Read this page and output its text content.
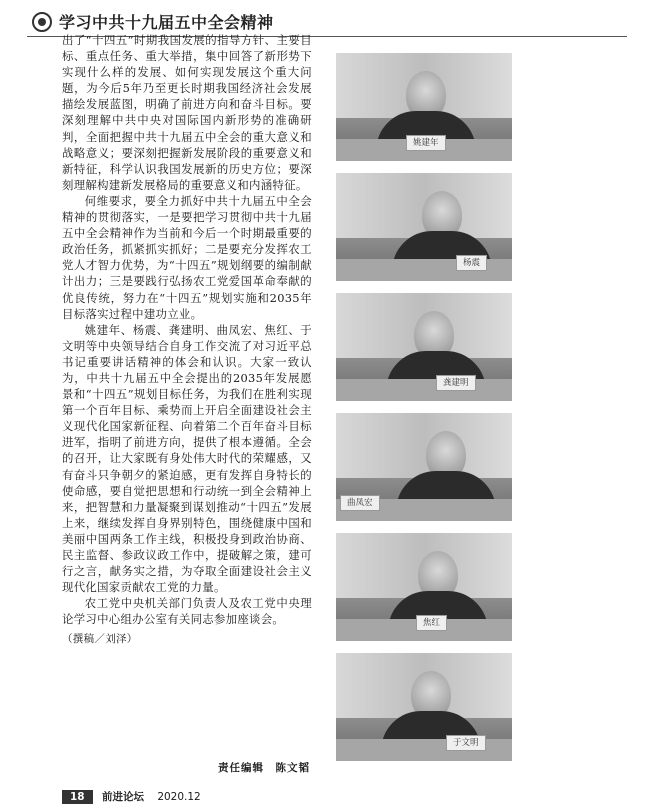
学习中共十九届五中全会精神

出了“十四五”时期我国发展的指导方针、主要目标、重点任务、重大举措，集中回答了新形势下实现什么样的发展、如何实现发展这个重大问题，为今后5年乃至更长时期我国经济社会发展描绘发展蓝图，明确了前进方向和奋斗目标。要深刻理解中共中央对国际国内新形势的准确研判，全面把握中共十九届五中全会的重大意义和战略意义；要深刻把握新发展阶段的重要意义和新特征，科学认识我国发展新的历史方位；要深刻理解构建新发展格局的重要意义和内涵特征。

何维要求，要全力抓好中共十九届五中全会精神的贯彻落实，一是要把学习贯彻中共十九届五中全会精神作为当前和今后一个时期最重要的政治任务，抓紧抓实抓好；二是要充分发挥农工党人才智力优势，为“十四五”规划纲要的编制献计出力；三是要践行弘扬农工党爱国革命奉献的优良传统，努力在“十四五”规划实施和2035年目标落实过程中建功立业。

姚建年、杨震、龚建明、曲凤宏、焦红、于文明等中央领导结合自身工作交流了对习近平总书记重要讲话精神的体会和认识。大家一致认为，中共十九届五中全会提出的2035年发展愿景和“十四五”规划目标任务，为我们在胜利实现第一个百年目标、乘势而上开启全面建设社会主义现代化国家新征程、向着第二个百年奋斗目标进军，指明了前进方向，提供了根本遵循。全会的召开，让大家既有身处伟大时代的荣耀感，又有奋斗只争朝夕的紧迫感，更有发挥自身特长的使命感，要自觉把思想和行动统一到全会精神上来，把智慧和力量凝聚到谋划推动“十四五”发展上来，继续发挥自身界别特色，围绕健康中国和美丽中国两条工作主线，积极投身到政治协商、民主监督、参政议政工作中，提破解之策，建可行之言，献务实之措，为夺取全面建设社会主义现代化国家贡献农工党的力量。

农工党中央机关部门负责人及农工党中央理论学习中心组办公室有关同志参加座谈会。

（撰稿／刘泽）
责任编辑　陈文韬
姚建年
杨震
龚建明
曲凤宏
焦红
于文明
18 前进论坛 2020.12
